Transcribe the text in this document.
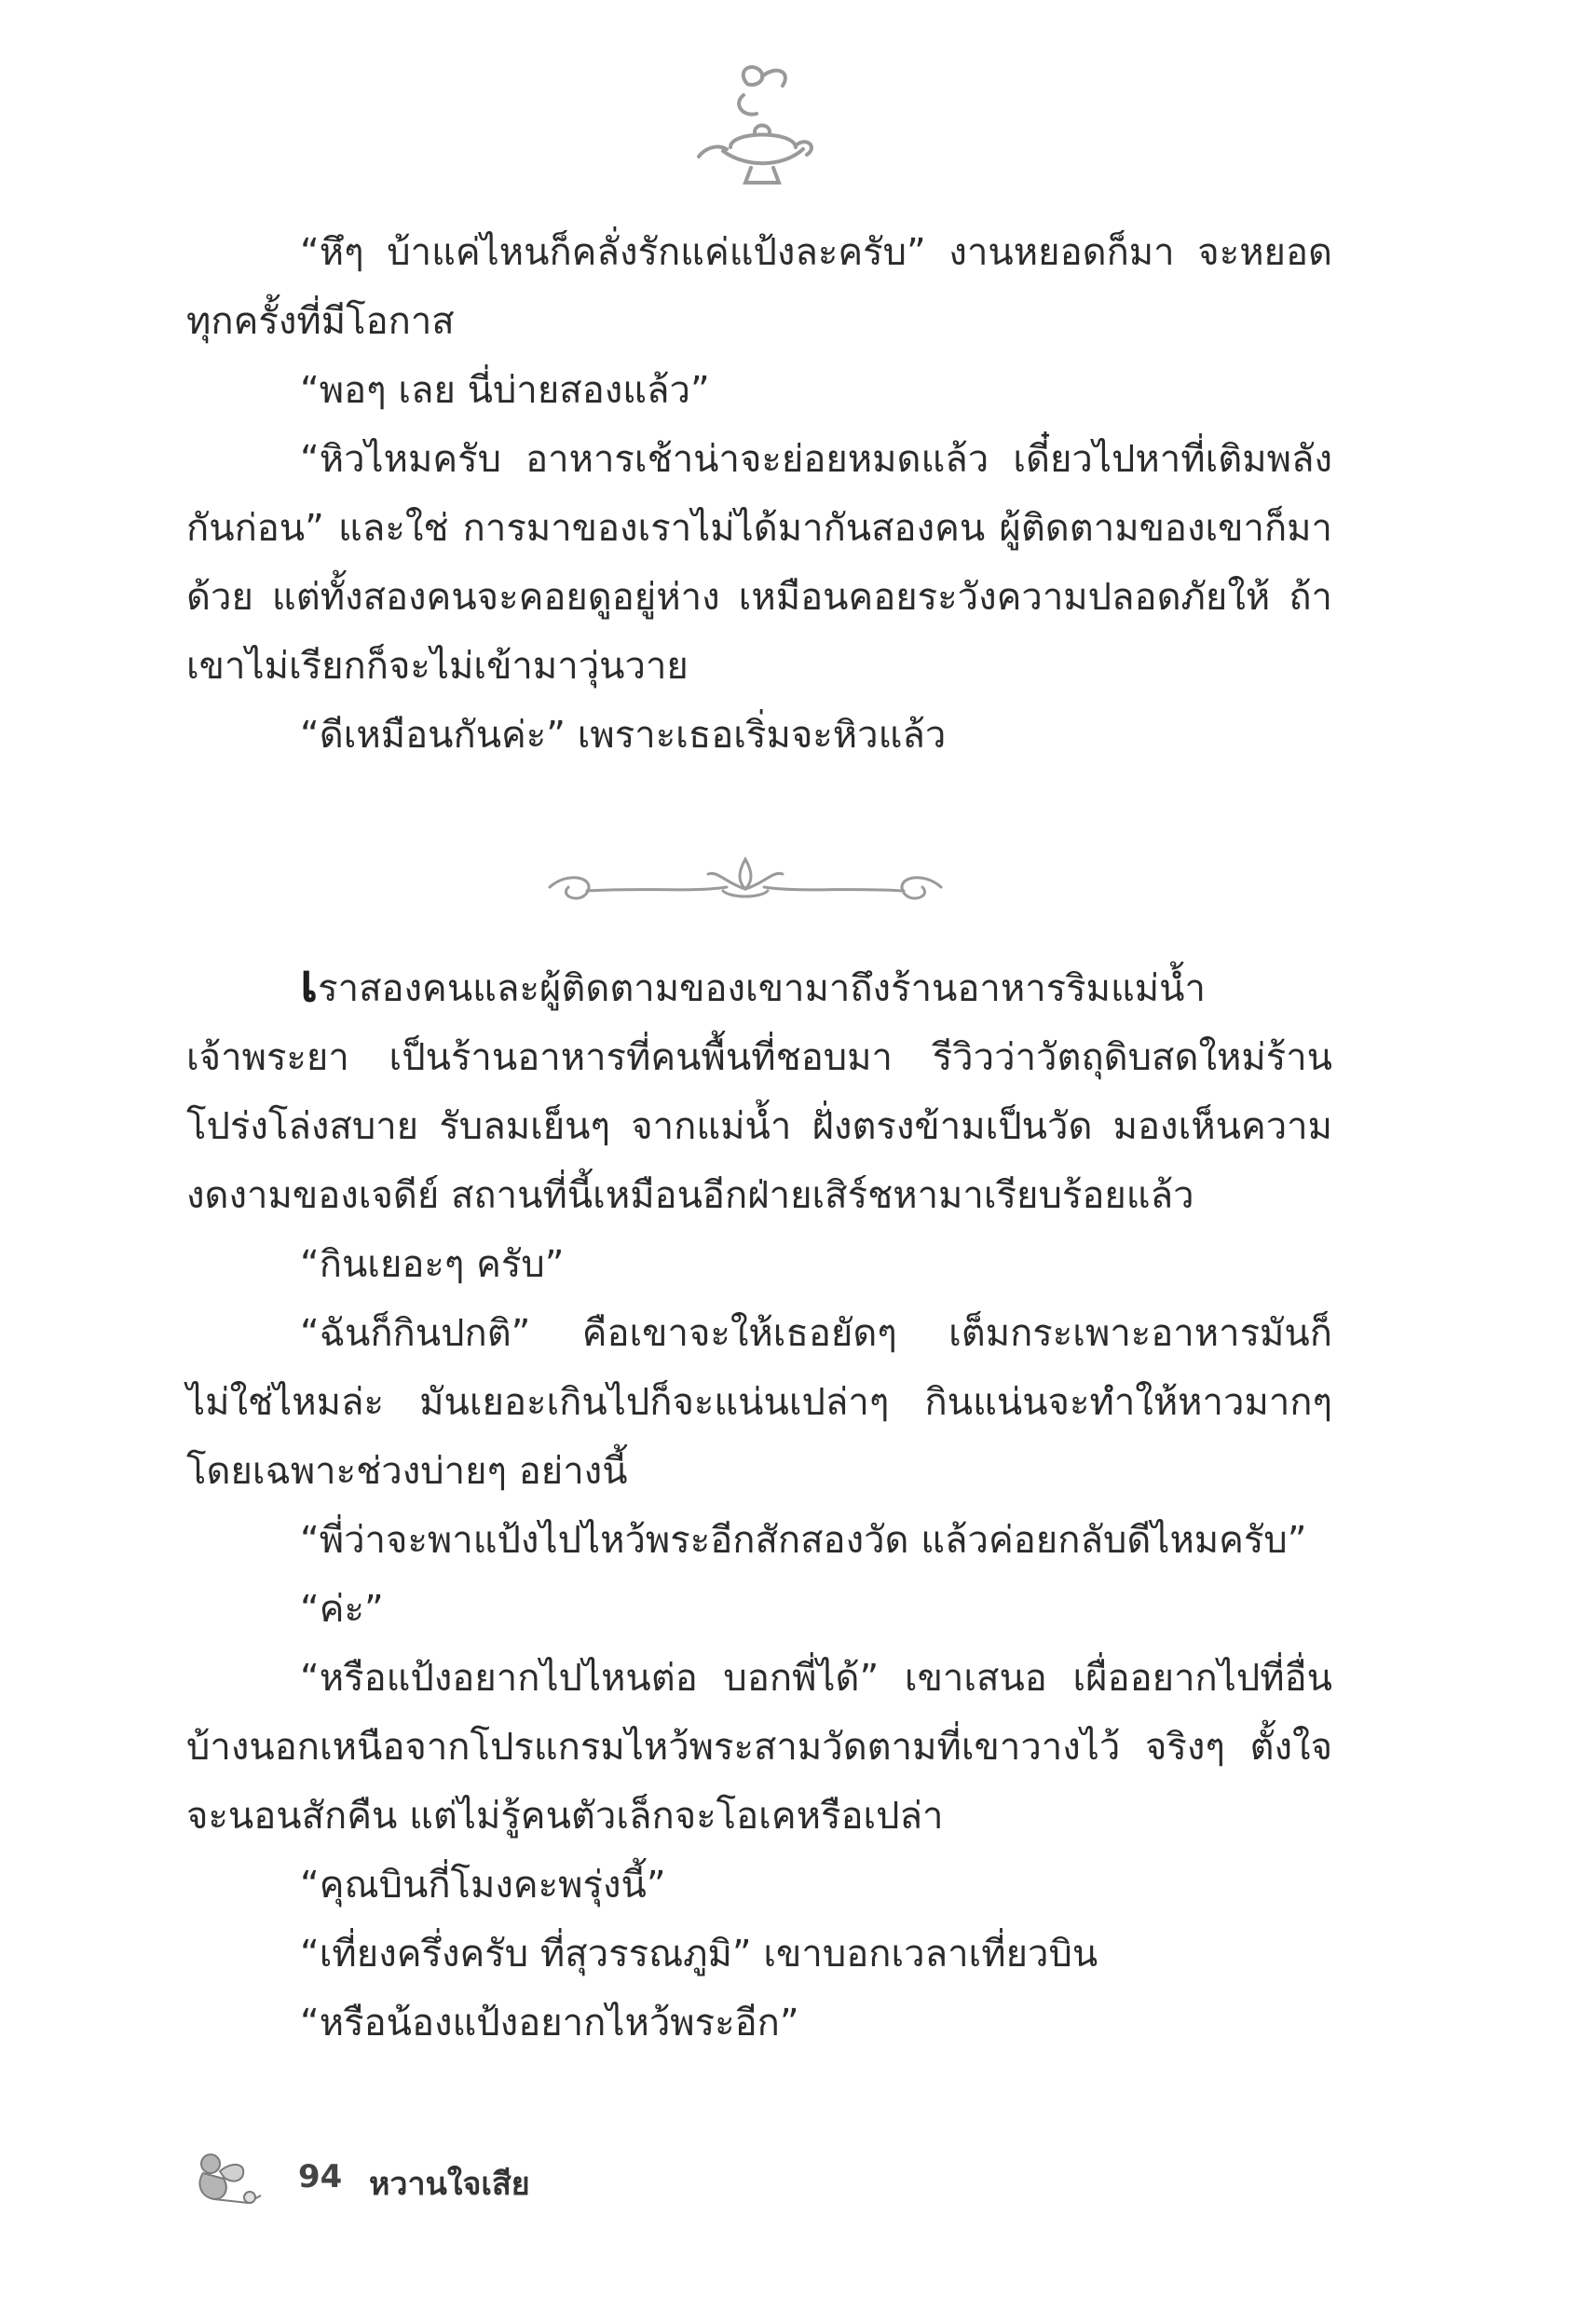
“หึๆ บ้าแค่ไหนก็คลั่งรักแค่แป้งละครับ” งานหยอดก็มา จะหยอดทุกครั้งที่มีโอกาส

“พอๆ เลย นี่บ่ายสองแล้ว”

“หิวไหมครับ อาหารเช้าน่าจะย่อยหมดแล้ว เดี๋ยวไปหาที่เติมพลังกันก่อน” และใช่ การมาของเราไม่ได้มากันสองคน ผู้ติดตามของเขาก็มาด้วย แต่ทั้งสองคนจะคอยดูอยู่ห่าง เหมือนคอยระวังความปลอดภัยให้ ถ้าเขาไม่เรียกก็จะไม่เข้ามาวุ่นวาย

“ดีเหมือนกันค่ะ” เพราะเธอเริ่มจะหิวแล้ว

เราสองคนและผู้ติดตามของเขามาถึงร้านอาหารริมแม่น้ำเจ้าพระยา เป็นร้านอาหารที่คนพื้นที่ชอบมา รีวิวว่าวัตถุดิบสดใหม่ร้านโปร่งโล่งสบาย รับลมเย็นๆ จากแม่น้ำ ฝั่งตรงข้ามเป็นวัด มองเห็นความงดงามของเจดีย์ สถานที่นี้เหมือนอีกฝ่ายเสิร์ชหามาเรียบร้อยแล้ว

“กินเยอะๆ ครับ”

“ฉันก็กินปกติ” คือเขาจะให้เธอยัดๆ เต็มกระเพาะอาหารมันก็ไม่ใช่ไหมล่ะ มันเยอะเกินไปก็จะแน่นเปล่าๆ กินแน่นจะทำให้หาวมากๆ โดยเฉพาะช่วงบ่ายๆ อย่างนี้

“พี่ว่าจะพาแป้งไปไหว้พระอีกสักสองวัด แล้วค่อยกลับดีไหมครับ”

“ค่ะ”

“หรือแป้งอยากไปไหนต่อ บอกพี่ได้” เขาเสนอ เผื่ออยากไปที่อื่นบ้างนอกเหนือจากโปรแกรมไหว้พระสามวัดตามที่เขาวางไว้ จริงๆ ตั้งใจจะนอนสักคืน แต่ไม่รู้คนตัวเล็กจะโอเคหรือเปล่า

“คุณบินกี่โมงคะพรุ่งนี้”

“เที่ยงครึ่งครับ ที่สุวรรณภูมิ” เขาบอกเวลาเที่ยวบิน

“หรือน้องแป้งอยากไหว้พระอีก”

94 หวานใจเสีย
